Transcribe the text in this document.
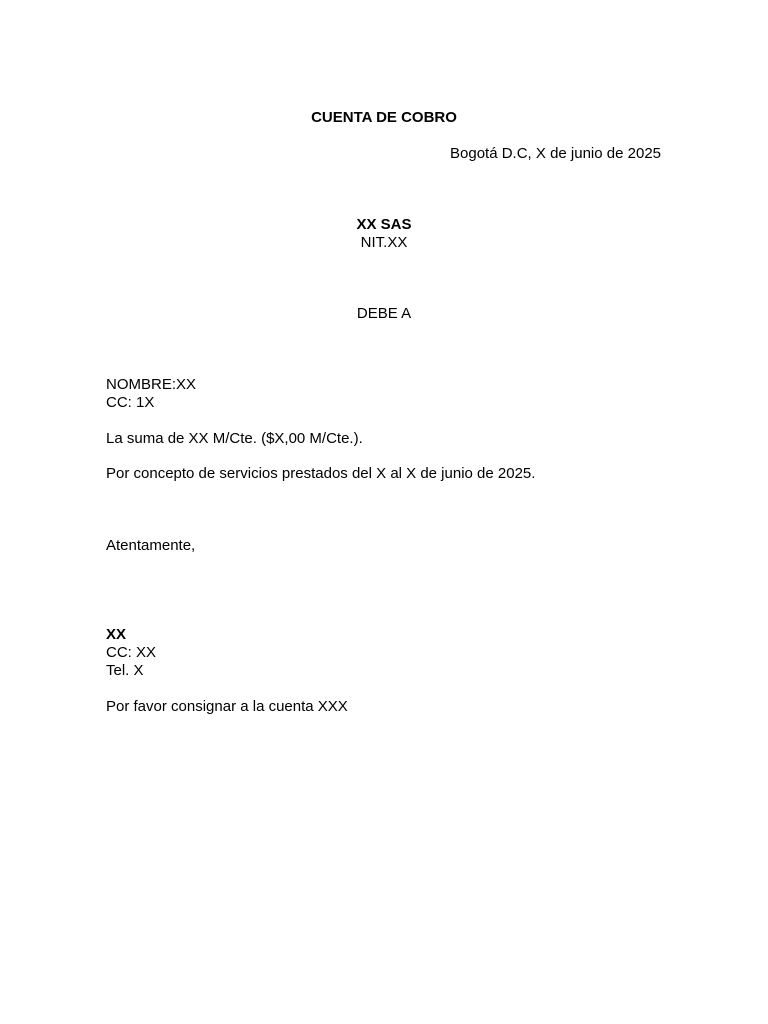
CUENTA DE COBRO
Bogotá D.C, X de junio de 2025
XX SAS
NIT.XX
DEBE A
NOMBRE:XX
CC: 1X
La suma de XX M/Cte. ($X,00 M/Cte.).
Por concepto de servicios prestados del X al X de junio de 2025.
Atentamente,
XX
CC: XX
Tel. X
Por favor consignar a la cuenta XXX
